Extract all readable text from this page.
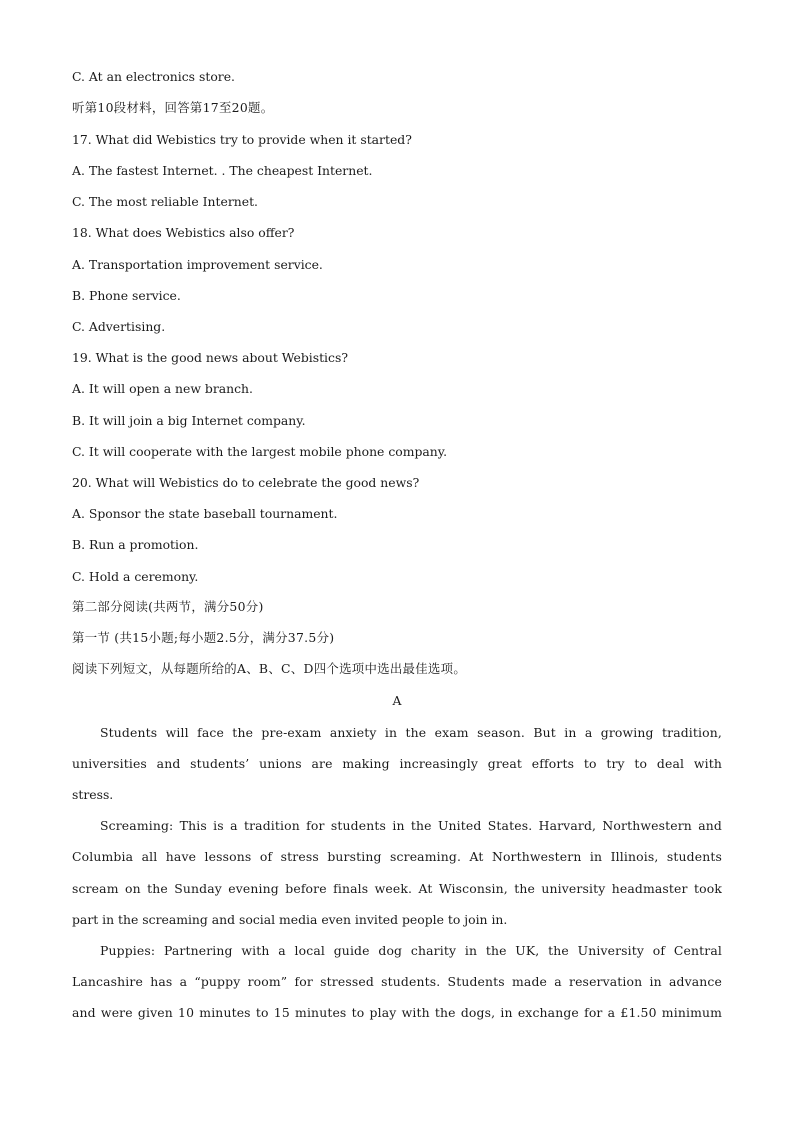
C. At an electronics store.
听第10段材料，回答第17至20题。
17. What did Webistics try to provide when it started?
A. The fastest Internet. . The cheapest Internet.
C. The most reliable Internet.
18. What does Webistics also offer?
A. Transportation improvement service.
B. Phone service.
C. Advertising.
19. What is the good news about Webistics?
A. It will open a new branch.
B. It will join a big Internet company.
C. It will cooperate with the largest mobile phone company.
20. What will Webistics do to celebrate the good news?
A. Sponsor the state baseball tournament.
B. Run a promotion.
C. Hold a ceremony.
第二部分阅读(共两节，满分50分)
第一节 (共15小题;每小题2.5分，满分37.5分)
阅读下列短文，从每题所给的A、B、C、D四个选项中选出最佳选项。
A
Students will face the pre-exam anxiety in the exam season. But in a growing tradition,
universities and students’ unions are making increasingly great efforts to try to deal with
stress.
Screaming: This is a tradition for students in the United States. Harvard, Northwestern and
Columbia all have lessons of stress bursting screaming. At Northwestern in Illinois, students
scream on the Sunday evening before finals week. At Wisconsin, the university headmaster took
part in the screaming and social media even invited people to join in.
Puppies: Partnering with a local guide dog charity in the UK, the University of Central
Lancashire has a “puppy room” for stressed students. Students made a reservation in advance
and were given 10 minutes to 15 minutes to play with the dogs, in exchange for a £1.50 minimum
